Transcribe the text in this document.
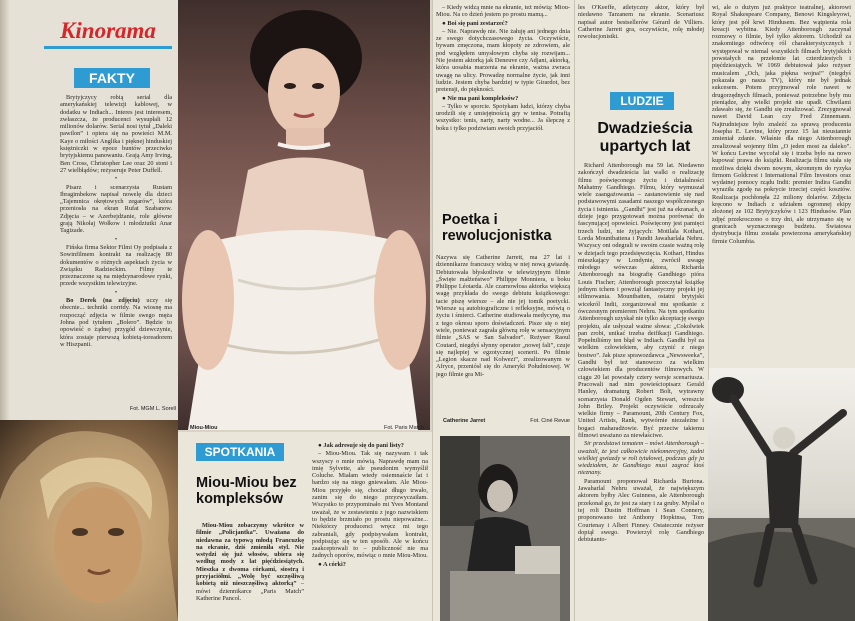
Kinorama
FAKTY

Brytyjczycy robią serial dla amerykańskiej telewizji kablowej, w dodatku w Indiach... Interes jest interesem, zwłaszcza, że producenci wysupłali 12 milionów dolarów. Serial nosi tytuł „Daleki pawilon” i opiera się na powieści M.M. Kaye o miłości Anglika i pięknej hinduskiej księżniczki w epoce buntów przeciwko brytyjskiemu panowaniu. Grają Amy Irving, Ben Cross, Christopher Lee oraz 20 stoni i 27 wielbłądów; reżyseruje Peter Duffell.

•

Pisarz i scenarzysta Rustam Ibragimbekow napisał nowelę dla dzieci „Tajemnica okrętowych zegarów”, która przeniosła na ekran Rufat Szabanow. Zdjęcia – w Azerbejdżanie, role główne grają Nikołaj Wołkow i młodziutki Anar Tagizade.

•

Fińska firma Sektor Filmi Oy podpisała z Sowinfilmem kontrakt na realizację 80 dokumentów o różnych aspektach życia w Związku Radzieckim. Filmy te przeznaczone są na międzynarodowe rynki, przede wszystkim telewizyjne.

•

Bo Derek (na zdjęciu) uczy się obecnie... techniki corridy. Na wiosnę ma rozpocząć zdjęcia w filmie swego męża Johna pod tytułem „Bolero”. Będzie to opowieść o żądnej przygód dziewczynie, która zostaje pierwszą kobietą-toreadorem w Hiszpanii.

Fot. MGM L. Sorell
Miou-Miou	Fot. Paris Match
SPOTKANIA
Miou-Miou bez kompleksów

Miou-Miou zobaczymy wkrótce w filmie „Policjantka”. Uważana do niedawna za typową młodą Francuzkę na ekranie, dziś zmieniła styl. Nie wstydzi się już włosów, ubiera się według mody z lat pięćdziesiątych. Mieszka z dwoma córkami, siostrą i przyjaciółmi. „Wolę być szczęśliwą kobietą niż nieszczęśliwą aktorką” – mówi dziennikarce „Paris Match” Katherine Pancol.

● Jak adresuje się do pani listy?

– Miou-Miou. Tak się nazywam i tak wszyscy o mnie mówią. Naprawdę mam na imię Sylvette, ale pseudonim wymyślił Coluche. Miałam wtedy osiemnaście lat i bardzo się na niego gniewałam. Ale Miou-Miou przyjęło się, chociaż długo trwało, zanim się do niego przyzwyczaiłam. Wszystko to przypominało mi Yves Montand uważał, że w zestawieniu z jego nazwiskiem to będzie brzmiało po prostu niepoważne... Niektórzy producenci wręcz mi tego zabraniali, gdy podpisywałam kontrakt, podpisując się w ten sposób. Ale w końcu zaakceptowali to – publiczność nie ma żadnych oporów, mówiąc o mnie Miou-Miou.

● A córki?

– Kiedy widzą mnie na ekranie, też mówią: Miou-Miou. Na co dzień jestem po prostu mamą...

● Boi się pani zestarzeć?

– Nie. Naprawdę nie. Nie żałuję ani jednego dnia ze swego dotychczasowego życia. Oczywiście, bywam zmęczona, mam kłopoty ze zdrowiem, ale pod względem umysłowym chyba się rozwijam... Nie jestem aktorką jak Deneuve czy Adjani, aktorką, która uosabia marzenia na ekranie, ważna zwraca uwagę na ulicy. Prowadzę normalne życie, jak inni ludzie. Jestem chyba bardziej w typie Girardot, bez pretensji, do piękności.

● Nie ma pani kompleksów?

– Tylko w sporcie. Spotykam ludzi, którzy chyba urodzili się z umiejętnością gry w tenisa. Potrafią wszystko: tenis, narty, narty wodne... Ja ślepczę z boku i tylko podziwiam swoich przyjaciół.

Poetka i rewolucjonistka
Nazywa się Catherine Jarrett, ma 27 lat i dziennikarze francuscy widzą w niej nową gwiazdę. Debiutowała błyskotliwie w telewizyjnym filmie „Święte małżeństwo” Philippe Monniera, u boku Philippe Léotarda. Ale czarnowłosa aktorka większą wagę przykłada do swego debiutu książkowego: tacie piszę wiersze – ale nie jej tomik poetycki. Wiersze są autobiograficzne i refleksyjne, mówią o życiu i śmierci. Catherine studiowała medycynę, ma z tego okresu sporo doświadczeń. Pisze się o niej wiele, ponieważ zagrała główną rolę w sensacyjnym filmie „SAS w San Salvador”. Reżyser Raoul Coutard, niegdyś słynny operator „nowej fali”, czuje się najlepiej w egzotycznej scenerii. Po filmie „Legion skacze nad Kolwezi”, zrealizowanym w Afryce, przeniósł się do Ameryki Południowej. W jego filmie gra Mi-
Catherine Jarret	Fot. Ciné Revue
les O'Keeffe, atletyczny aktor, który był niedawno Tarzanem na ekranie. Scenariusz napisał autor bestsellerów Gérard de Villiers. Catherine Jarrett gra, oczywiście, rolę młodej rewolucjonistki.
LUDZIE
Dwadzieścia upartych lat

Richard Attenborough ma 59 lat. Niedawno zakończył dwadzieścia lat walki o realizację filmu poświęconego życiu i działalności Mahatmy Gandhiego. Filmu, który wymuszał wiele zaangażowania – zastanowienie się nad podstawowymi zasadami naszego współczesnego życia i istnienia. „Gandhi” jest już na ekranach, a dzieje jego przygotowań można porównać do fascynującej opowieści. Poświęcony jest pamięci trzech ludzi, nie żyjących: Motilala Kothari, Lorda Mountbattena i Pandit Jawaharlala Nehru. Wszyscy oni odegrali w swoim czasie ważną rolę w dziejach tego przedsięwzięcia. Kothari, Hindus mieszkający w Londynie, zwrócił uwagę młodego wówczas aktora, Richarda Attenborough na biografię Gandhiego pióra Louis Fischer; Attenborough przeczytał książkę jednym tchem i powziął fantastyczny projekt jej sfilmowania. Mountbatten, ostatni brytyjski wicekról Indii, zorganizował mu spotkanie z ówczesnym premierem Nehru. Na tym spotkaniu Attenborough uzyskał nie tylko akceptację swego projektu, ale usłyszał ważne słowa: „Cokolwiek pan zrobi, unikać trzeba deifikacji Gandhiego. Popełniliśmy ten błąd w Indiach. Gandhi był za wielkim człowiekiem, aby czynić z niego bostwo”. Jak pisze sprawozdawca „Newsweeka”, Gandhi był też stanowczo za wielkim człowiekiem dla producentów filmowych. W ciągu 20 lat powstały cztery wersje scenariusza. Pracowali nad nim powieściopisarz Gerald Hanley, dramaturg Robert Bolt, wytrawny scenarzysta Donald Ogden Stewart, wreszcie John Briley. Projekt oczywiście odrzucały wielkie firmy – Paramount, 20th Century Fox, United Artists, Rank, wytwórnie niezależne i bogaci maharadżowie. Być przeciw takiemu filmowi uważano za niewłaściwe.

Sir przedstawi tematem – mówi Attenborough – uważali, że jest całkowicie niekomercyjny, żadni wielkiej gwiazdy w roli tytułowej, podczas gdy ja wiedziałem, że Gandhiego musi zagrać ktoś nieznany.

Paramount proponował Richarda Burtona. Jawaharlal Nehru uważał, że największym aktorem byłby Alec Guinness, ale Attenborough przekonał go, że jest za stary i za gruby. Myślał o tej roli Dustin Hoffman i Sean Connery, proponowano też Anthony Hopkinsa, Tom Courtenay i Albert Finney. Ostatecznie reżyser dopiął swego. Powierzył rolę Gandhiego debiutanto-

wi, ale o dużym już praktyce teatralnej, aktorowi Royal Shakespeare Company, Benowi Kingsleyowi, który jest pół krwi Hindusem. Bez wątpienia rola kreacji wybitna. Kiedy Attenborough zaczynał rozmowy o filmie, był tylko aktorem. Uchodził za znakomitego odtwórcę ról charakterystycznych i występował w niemal wszystkich filmach brytyjskich powstałych na przełomie lat czterdziestych i pięćdziesiątych. W 1969 debiutował jako reżyser musicalem „Och, jaka piękna wojna!” (niegdyś pokazała go nasza TV), który nie był jednak sukcesem. Potem przyjmował role nawet w drugorzędnych filmach, ponieważ potrzebne były mu pieniądze, aby wielki projekt nie upadł. Chwilami zdawało się, że Gandhi się zrealizować. Zrezygnował nawet David Lean czy Fred Zinnemann. Najtrudniejsze było znaleźć za sprawą producenta Josepha E. Levine, który przez 15 lat nieustannie zmieniał zdanie. Właśnie dla niego Attenborough zrealizował wojenny film „O jeden most za daleko”. W końcu Levine wycofał się i trzeba było na nowo kupować prawa do książki. Realizacja filmu stała się możliwa dzięki dwom nowym, skromnym do ryzyka firmom Goldcrest i International Film Investors oraz wydatnej pomocy rządu Indii: premier Indira Gandhi wyraziła zgodę na pokrycie trzeciej części kosztów. Realizacja pochłonęła 22 miliony dolarów. Zdjęcia kręcono w Indiach z udziałem ogromnej ekipy złożonej ze 102 Brytyjczyków i 123 Hindusów. Plan zdjęć przekroczono o trzy dni, ale utrzymano się w granicach wyznaczonego budżetu. Światowa dystrybucja filmu została powierzona amerykańskiej firmie Columbia.
